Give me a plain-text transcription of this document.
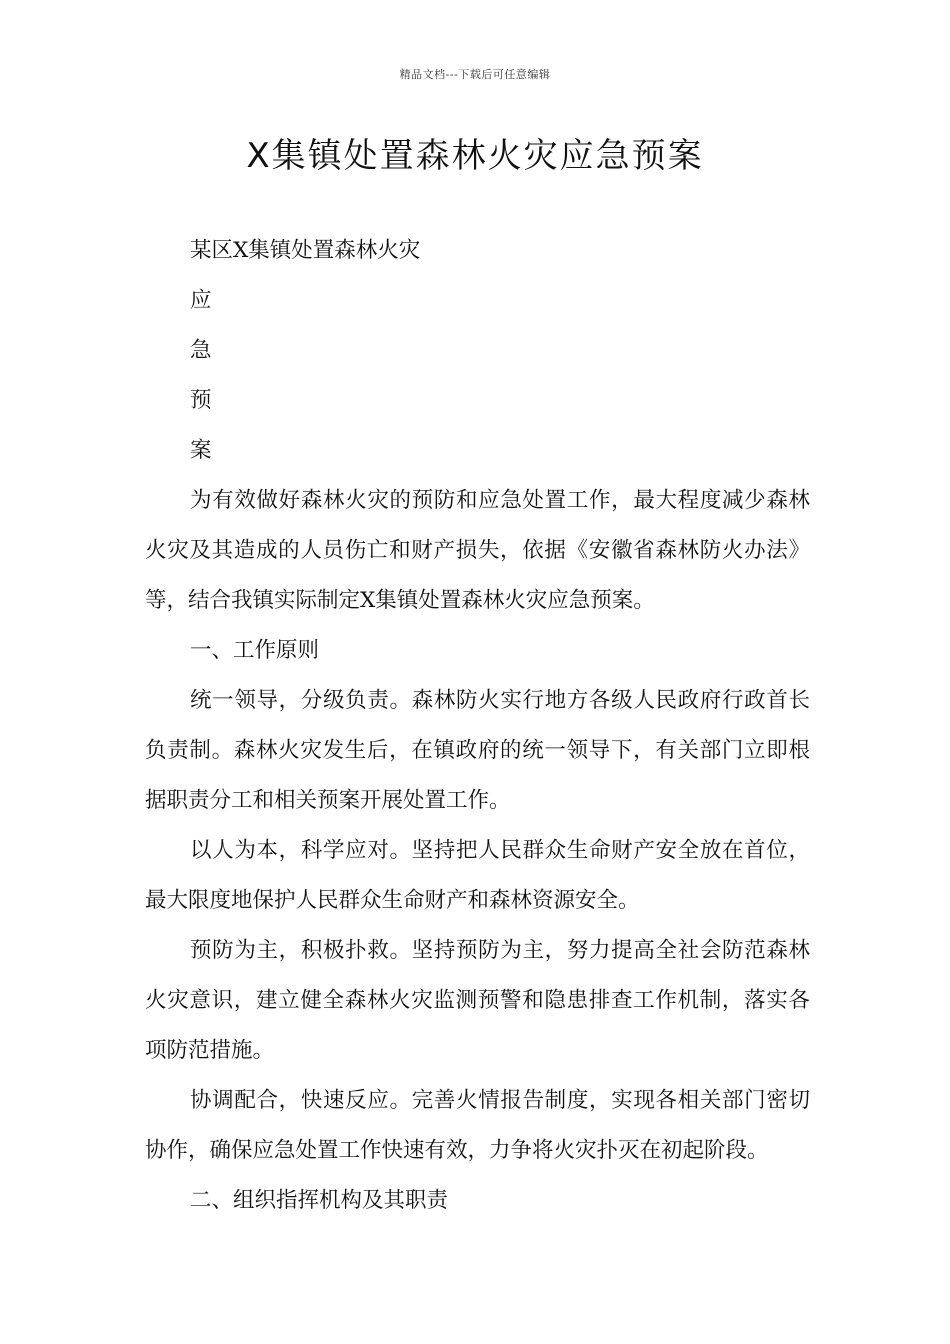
精品文档---下载后可任意编辑
X集镇处置森林火灾应急预案

某区X集镇处置森林火灾

应

急

预

案

为有效做好森林火灾的预防和应急处置工作，最大程度减少森林火灾及其造成的人员伤亡和财产损失，依据《安徽省森林防火办法》等，结合我镇实际制定X集镇处置森林火灾应急预案。

一、工作原则

统一领导，分级负责。森林防火实行地方各级人民政府行政首长负责制。森林火灾发生后，在镇政府的统一领导下，有关部门立即根据职责分工和相关预案开展处置工作。

以人为本，科学应对。坚持把人民群众生命财产安全放在首位，最大限度地保护人民群众生命财产和森林资源安全。

预防为主，积极扑救。坚持预防为主，努力提高全社会防范森林火灾意识，建立健全森林火灾监测预警和隐患排查工作机制，落实各项防范措施。

协调配合，快速反应。完善火情报告制度，实现各相关部门密切协作，确保应急处置工作快速有效，力争将火灾扑灭在初起阶段。

二、组织指挥机构及其职责
